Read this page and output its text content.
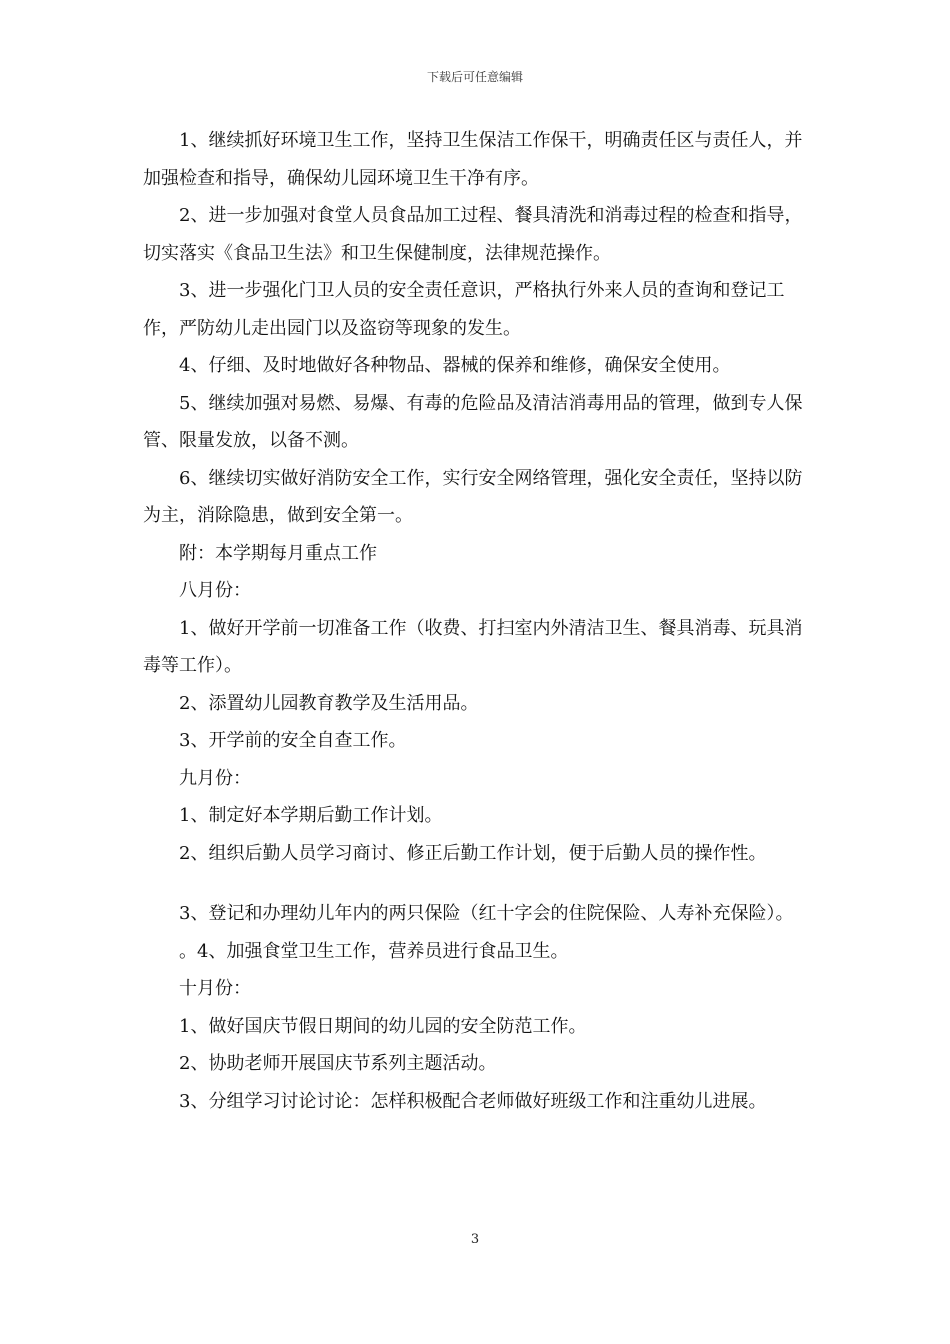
下载后可任意编辑

1、继续抓好环境卫生工作，坚持卫生保洁工作保干，明确责任区与责任人，并加强检查和指导，确保幼儿园环境卫生干净有序。

2、进一步加强对食堂人员食品加工过程、餐具清洗和消毒过程的检查和指导，切实落实《食品卫生法》和卫生保健制度，法律规范操作。

3、进一步强化门卫人员的安全责任意识，严格执行外来人员的查询和登记工作，严防幼儿走出园门以及盗窃等现象的发生。

4、仔细、及时地做好各种物品、器械的保养和维修，确保安全使用。

5、继续加强对易燃、易爆、有毒的危险品及清洁消毒用品的管理，做到专人保管、限量发放，以备不测。

6、继续切实做好消防安全工作，实行安全网络管理，强化安全责任，坚持以防为主，消除隐患，做到安全第一。

附：本学期每月重点工作

八月份：

1、做好开学前一切准备工作（收费、打扫室内外清洁卫生、餐具消毒、玩具消毒等工作）。

2、添置幼儿园教育教学及生活用品。

3、开学前的安全自查工作。

九月份：

1、制定好本学期后勤工作计划。

2、组织后勤人员学习商讨、修正后勤工作计划，便于后勤人员的操作性。

3、登记和办理幼儿年内的两只保险（红十字会的住院保险、人寿补充保险）。

。4、加强食堂卫生工作，营养员进行食品卫生。

十月份：

1、做好国庆节假日期间的幼儿园的安全防范工作。

2、协助老师开展国庆节系列主题活动。

3、分组学习讨论讨论：怎样积极配合老师做好班级工作和注重幼儿进展。

3
